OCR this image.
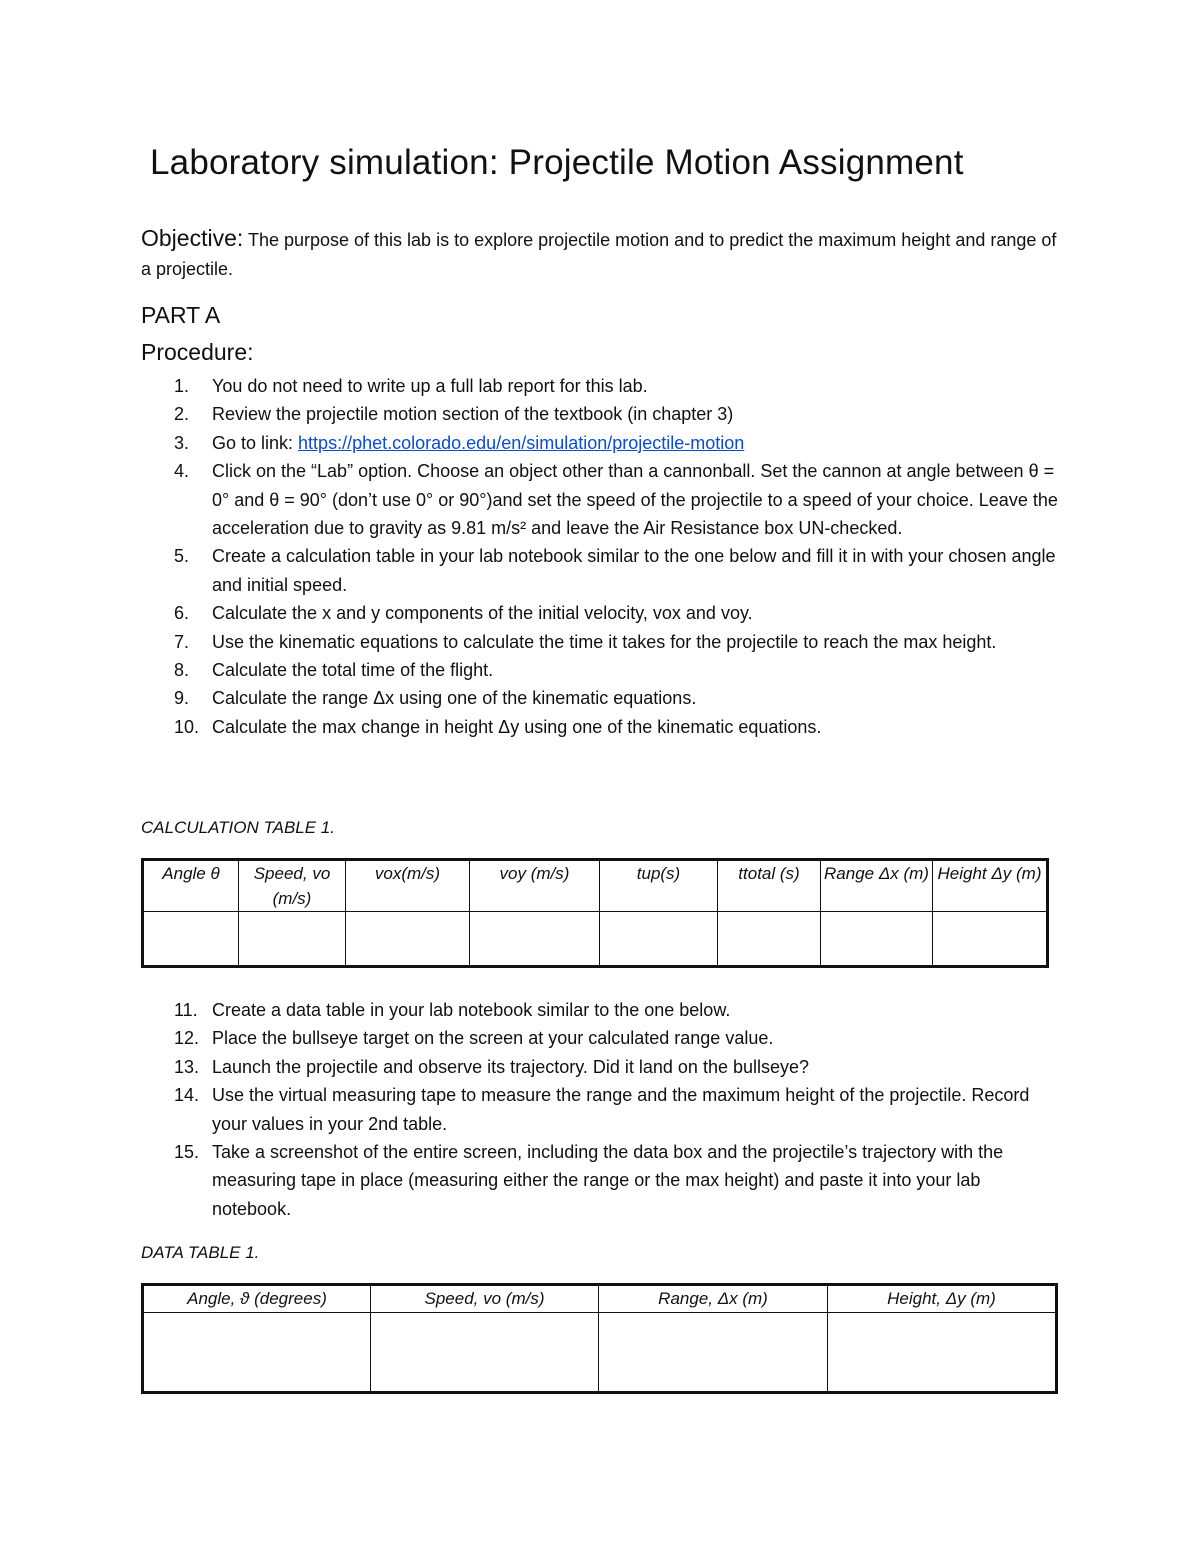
Laboratory simulation: Projectile Motion Assignment
Objective: The purpose of this lab is to explore projectile motion and to predict the maximum height and range of a projectile.
PART A
Procedure:
1.	You do not need to write up a full lab report for this lab.
2.	Review the projectile motion section of the textbook (in chapter 3)
3.	Go to link: https://phet.colorado.edu/en/simulation/projectile-motion
4.	Click on the “Lab” option. Choose an object other than a cannonball. Set the cannon at angle between θ = 0° and θ = 90° (don’t use 0° or 90°)and set the speed of the projectile to a speed of your choice. Leave the acceleration due to gravity as 9.81 m/s² and leave the Air Resistance box UN-checked.
5.	Create a calculation table in your lab notebook similar to the one below and fill it in with your chosen angle and initial speed.
6.	Calculate the x and y components of the initial velocity, vox and voy.
7.	Use the kinematic equations to calculate the time it takes for the projectile to reach the max height.
8.	Calculate the total time of the flight.
9.	Calculate the range Δx using one of the kinematic equations.
10. Calculate the max change in height Δy using one of the kinematic equations.
CALCULATION TABLE 1.
Angle θ	Speed, vo (m/s)	vox(m/s)	voy (m/s)	tup(s)	ttotal (s)	Range Δx (m)	Height Δy (m)

11. Create a data table in your lab notebook similar to the one below.
12. Place the bullseye target on the screen at your calculated range value.
13. Launch the projectile and observe its trajectory. Did it land on the bullseye?
14. Use the virtual measuring tape to measure the range and the maximum height of the projectile. Record your values in your 2nd table.
15. Take a screenshot of the entire screen, including the data box and the projectile’s trajectory with the measuring tape in place (measuring either the range or the max height) and paste it into your lab notebook.
DATA TABLE 1.
Angle, ϑ (degrees)	Speed, vo (m/s)	Range, Δx (m)	Height, Δy (m)
